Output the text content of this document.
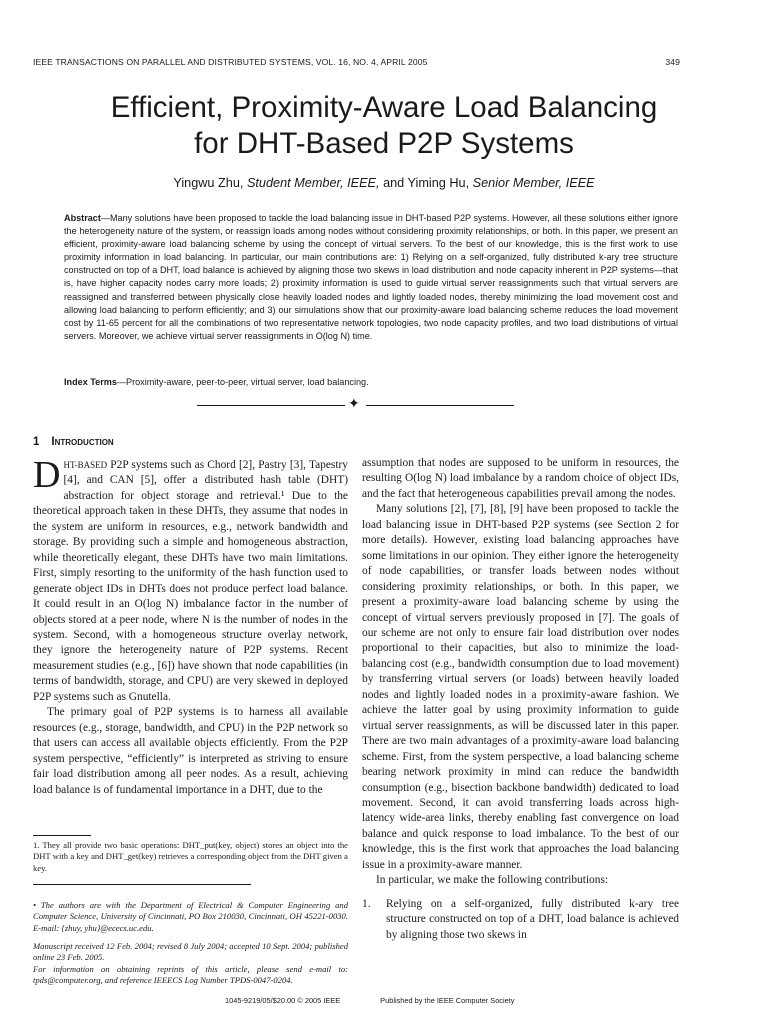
IEEE TRANSACTIONS ON PARALLEL AND DISTRIBUTED SYSTEMS, VOL. 16, NO. 4, APRIL 2005	349
Efficient, Proximity-Aware Load Balancing
for DHT-Based P2P Systems
Yingwu Zhu, Student Member, IEEE, and Yiming Hu, Senior Member, IEEE
Abstract—Many solutions have been proposed to tackle the load balancing issue in DHT-based P2P systems. However, all these solutions either ignore the heterogeneity nature of the system, or reassign loads among nodes without considering proximity relationships, or both. In this paper, we present an efficient, proximity-aware load balancing scheme by using the concept of virtual servers. To the best of our knowledge, this is the first work to use proximity information in load balancing. In particular, our main contributions are: 1) Relying on a self-organized, fully distributed k-ary tree structure constructed on top of a DHT, load balance is achieved by aligning those two skews in load distribution and node capacity inherent in P2P systems—that is, have higher capacity nodes carry more loads; 2) proximity information is used to guide virtual server reassignments such that virtual servers are reassigned and transferred between physically close heavily loaded nodes and lightly loaded nodes, thereby minimizing the load movement cost and allowing load balancing to perform efficiently; and 3) our simulations show that our proximity-aware load balancing scheme reduces the load movement cost by 11-65 percent for all the combinations of two representative network topologies, two node capacity profiles, and two load distributions of virtual servers. Moreover, we achieve virtual server reassignments in O(log N) time.
Index Terms—Proximity-aware, peer-to-peer, virtual server, load balancing.
✦
1 Introduction

DHT-BASED P2P systems such as Chord [2], Pastry [3], Tapestry [4], and CAN [5], offer a distributed hash table (DHT) abstraction for object storage and retrieval.¹ Due to the theoretical approach taken in these DHTs, they assume that nodes in the system are uniform in resources, e.g., network bandwidth and storage. By providing such a simple and homogeneous abstraction, while theoretically elegant, these DHTs have two main limitations. First, simply resorting to the uniformity of the hash function used to generate object IDs in DHTs does not produce perfect load balance. It could result in an O(log N) imbalance factor in the number of objects stored at a peer node, where N is the number of nodes in the system. Second, with a homogeneous structure overlay network, they ignore the heterogeneity nature of P2P systems. Recent measurement studies (e.g., [6]) have shown that node capabilities (in terms of bandwidth, storage, and CPU) are very skewed in deployed P2P systems such as Gnutella.

The primary goal of P2P systems is to harness all available resources (e.g., storage, bandwidth, and CPU) in the P2P network so that users can access all available objects efficiently. From the P2P system perspective, “efficiently” is interpreted as striving to ensure fair load distribution among all peer nodes. As a result, achieving load balance is of fundamental importance in a DHT, due to the

1. They all provide two basic operations: DHT_put(key, object) stores an object into the DHT with a key and DHT_get(key) retrieves a corresponding object from the DHT given a key.
• The authors are with the Department of Electrical & Computer Engineering and Computer Science, University of Cincinnati, PO Box 210030, Cincinnati, OH 45221-0030. E-mail: {zhuy, yhu}@ececs.uc.edu.
Manuscript received 12 Feb. 2004; revised 8 July 2004; accepted 10 Sept. 2004; published online 23 Feb. 2005.
For information on obtaining reprints of this article, please send e-mail to: tpds@computer.org, and reference IEEECS Log Number TPDS-0047-0204.

assumption that nodes are supposed to be uniform in resources, the resulting O(log N) load imbalance by a random choice of object IDs, and the fact that heterogeneous capabilities prevail among the nodes.

Many solutions [2], [7], [8], [9] have been proposed to tackle the load balancing issue in DHT-based P2P systems (see Section 2 for more details). However, existing load balancing approaches have some limitations in our opinion. They either ignore the heterogeneity of node capabilities, or transfer loads between nodes without considering proximity relationships, or both. In this paper, we present a proximity-aware load balancing scheme by using the concept of virtual servers previously proposed in [7]. The goals of our scheme are not only to ensure fair load distribution over nodes proportional to their capacities, but also to minimize the load-balancing cost (e.g., bandwidth consumption due to load movement) by transferring virtual servers (or loads) between heavily loaded nodes and lightly loaded nodes in a proximity-aware fashion. We achieve the latter goal by using proximity information to guide virtual server reassignments, as will be discussed later in this paper. There are two main advantages of a proximity-aware load balancing scheme. First, from the system perspective, a load balancing scheme bearing network proximity in mind can reduce the bandwidth consumption (e.g., bisection backbone bandwidth) dedicated to load movement. Second, it can avoid transferring loads across high-latency wide-area links, thereby enabling fast convergence on load balance and quick response to load imbalance. To the best of our knowledge, this is the first work that approaches the load balancing issue in a proximity-aware manner.

In particular, we make the following contributions:

1.	Relying on a self-organized, fully distributed k-ary tree structure constructed on top of a DHT, load balance is achieved by aligning those two skews in
1045-9219/05/$20.00 © 2005 IEEE	Published by the IEEE Computer Society
